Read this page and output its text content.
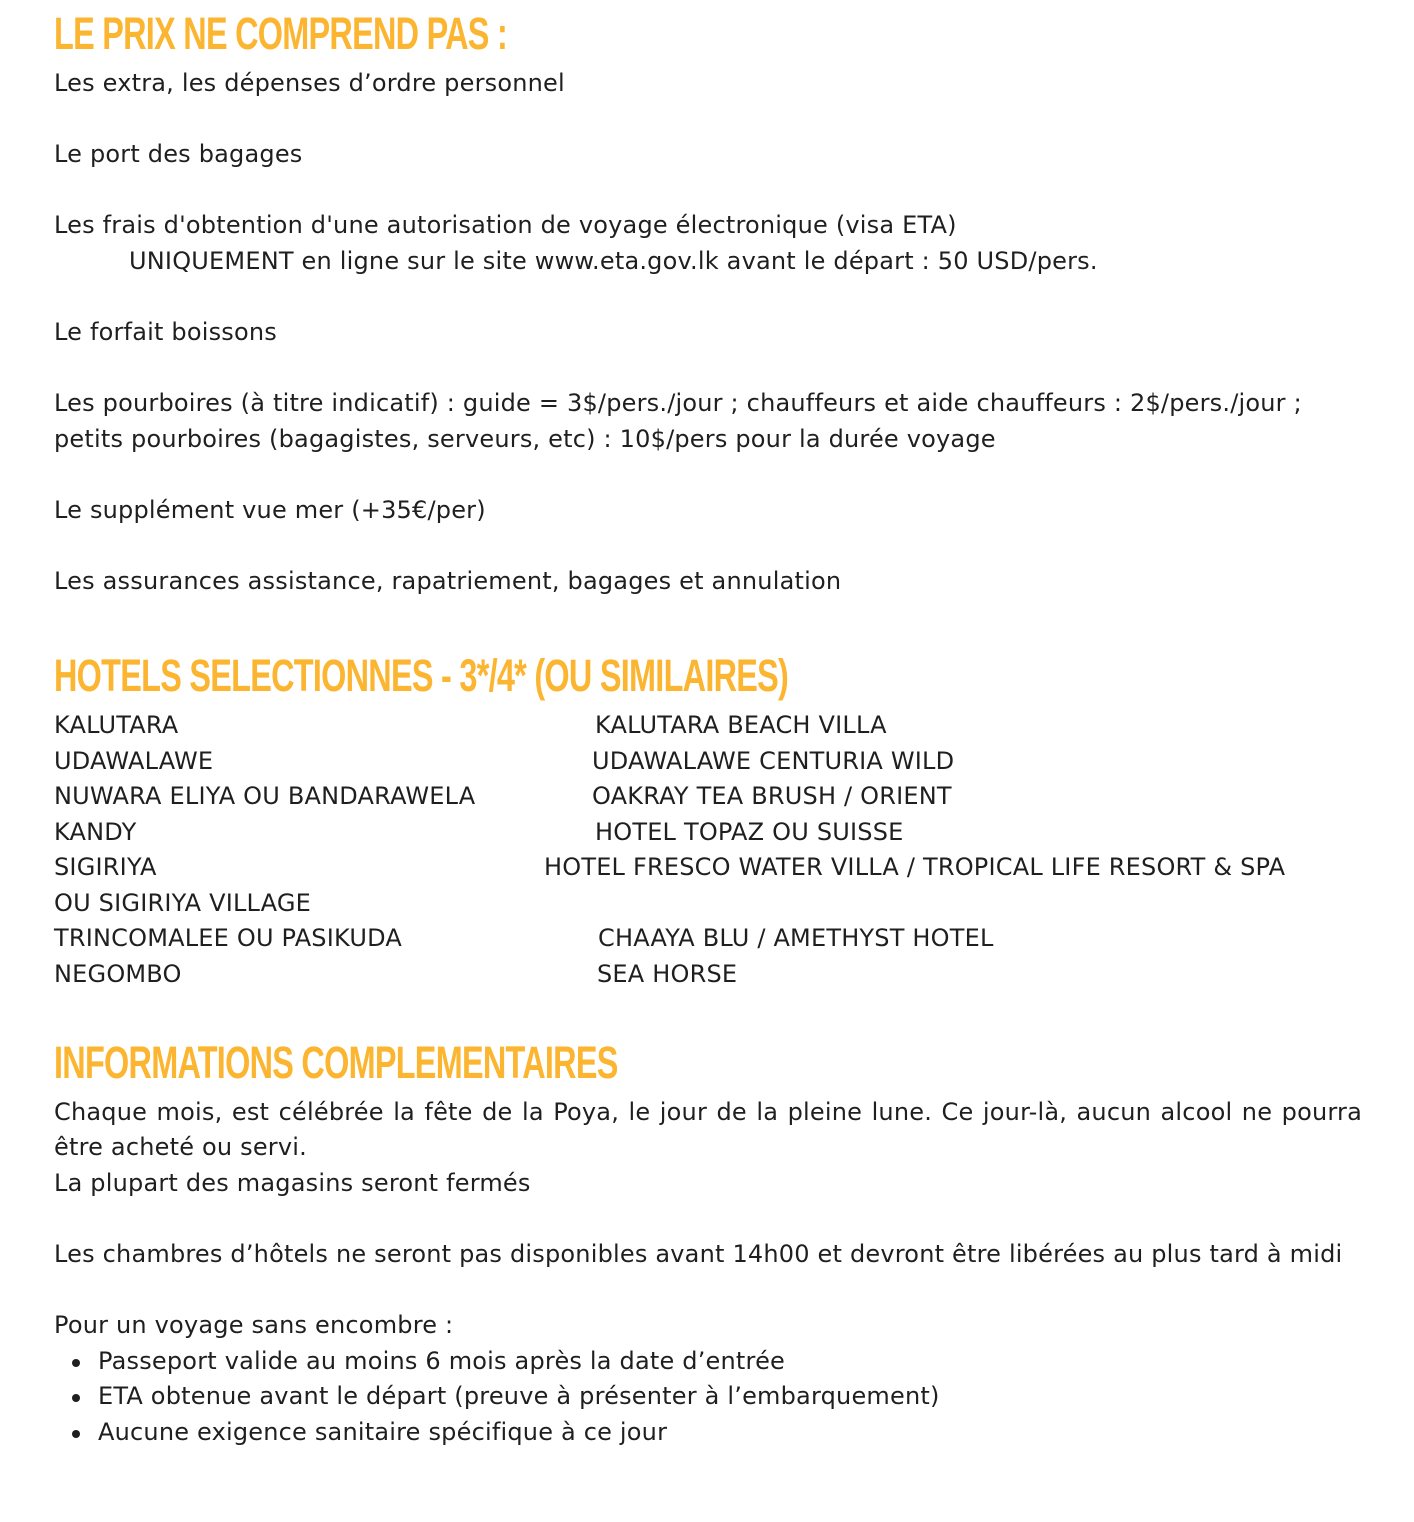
LE PRIX NE COMPREND PAS :

Les extra, les dépenses d’ordre personnel

Le port des bagages

Les frais d'obtention d'une autorisation de voyage électronique (visa ETA)

UNIQUEMENT en ligne sur le site www.eta.gov.lk avant le départ : 50 USD/pers.

Le forfait boissons

Les pourboires (à titre indicatif) : guide = 3$/pers./jour ; chauffeurs et aide chauffeurs : 2$/pers./jour ;

petits pourboires (bagagistes, serveurs, etc) : 10$/pers pour la durée voyage

Le supplément vue mer (+35€/per)

Les assurances assistance, rapatriement, bagages et annulation

HOTELS SELECTIONNES - 3*/4* (OU SIMILAIRES)
KALUTARA	KALUTARA BEACH VILLA
UDAWALAWE	UDAWALAWE CENTURIA WILD
NUWARA ELIYA OU BANDARAWELA	OAKRAY TEA BRUSH / ORIENT
KANDY	HOTEL TOPAZ OU SUISSE
SIGIRIYA	HOTEL FRESCO WATER VILLA / TROPICAL LIFE RESORT & SPA
OU SIGIRIYA VILLAGE
TRINCOMALEE OU PASIKUDA	CHAAYA BLU / AMETHYST HOTEL
NEGOMBO	SEA HORSE
INFORMATIONS COMPLEMENTAIRES

Chaque mois, est célébrée la fête de la Poya, le jour de la pleine lune. Ce jour-là, aucun alcool ne pourra être acheté ou servi.

La plupart des magasins seront fermés

Les chambres d’hôtels ne seront pas disponibles avant 14h00 et devront être libérées au plus tard à midi

Pour un voyage sans encombre :

Passeport valide au moins 6 mois après la date d’entrée
ETA obtenue avant le départ (preuve à présenter à l’embarquement)
Aucune exigence sanitaire spécifique à ce jour
